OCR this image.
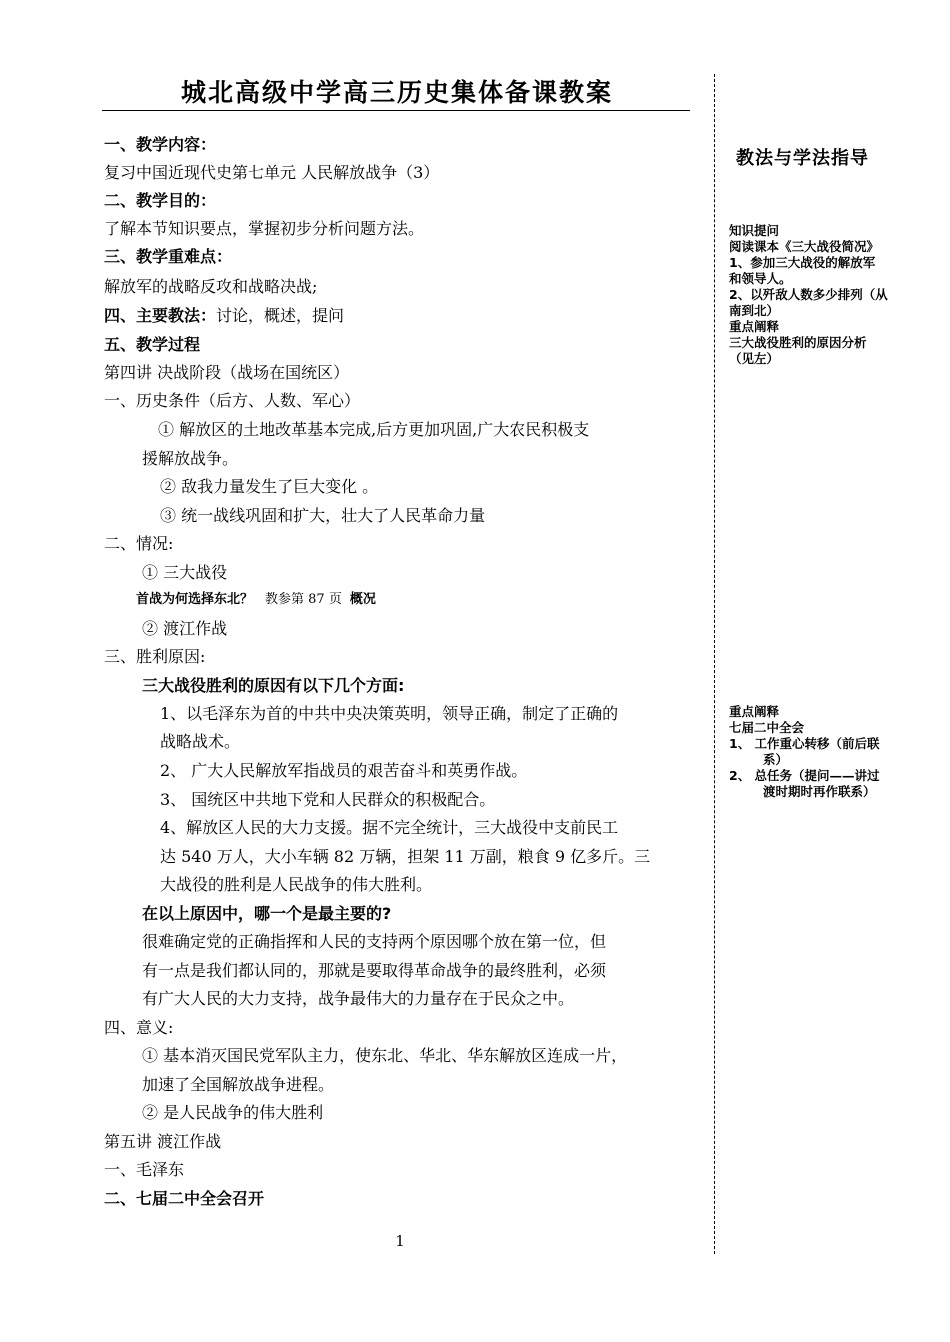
城北高级中学高三历史集体备课教案
一、教学内容：
复习中国近现代史第七单元 人民解放战争（3）
二、教学目的：
了解本节知识要点，掌握初步分析问题方法。
三、教学重难点：
解放军的战略反攻和战略决战;
四、主要教法：讨论，概述，提问
五、教学过程
第四讲 决战阶段（战场在国统区）
一、历史条件（后方、人数、军心）
① 解放区的土地改革基本完成,后方更加巩固,广大农民积极支
援解放战争。
② 敌我力量发生了巨大变化 。
③ 统一战线巩固和扩大，壮大了人民革命力量
二、情况:
① 三大战役
首战为何选择东北？ 教参第 87 页 概况
② 渡江作战
三、胜利原因:
三大战役胜利的原因有以下几个方面:
1、以毛泽东为首的中共中央决策英明，领导正确，制定了正确的
战略战术。
2、 广大人民解放军指战员的艰苦奋斗和英勇作战。
3、 国统区中共地下党和人民群众的积极配合。
4、解放区人民的大力支援。据不完全统计，三大战役中支前民工
达 540 万人，大小车辆 82 万辆，担架 11 万副，粮食 9 亿多斤。三
大战役的胜利是人民战争的伟大胜利。
在以上原因中，哪一个是最主要的?
很难确定党的正确指挥和人民的支持两个原因哪个放在第一位，但
有一点是我们都认同的，那就是要取得革命战争的最终胜利，必须
有广大人民的大力支持，战争最伟大的力量存在于民众之中。
四、意义:
① 基本消灭国民党军队主力，使东北、华北、华东解放区连成一片，
加速了全国解放战争进程。
② 是人民战争的伟大胜利
第五讲 渡江作战
一、毛泽东
二、七届二中全会召开
教法与学法指导
知识提问
阅读课本《三大战役简况》
1、参加三大战役的解放军
和领导人。
2、以歼敌人数多少排列（从
南到北）
重点阐释
三大战役胜利的原因分析
（见左）
重点阐释
七届二中全会
1、 工作重心转移（前后联
系）
2、 总任务（提问——讲过
渡时期时再作联系）
1
